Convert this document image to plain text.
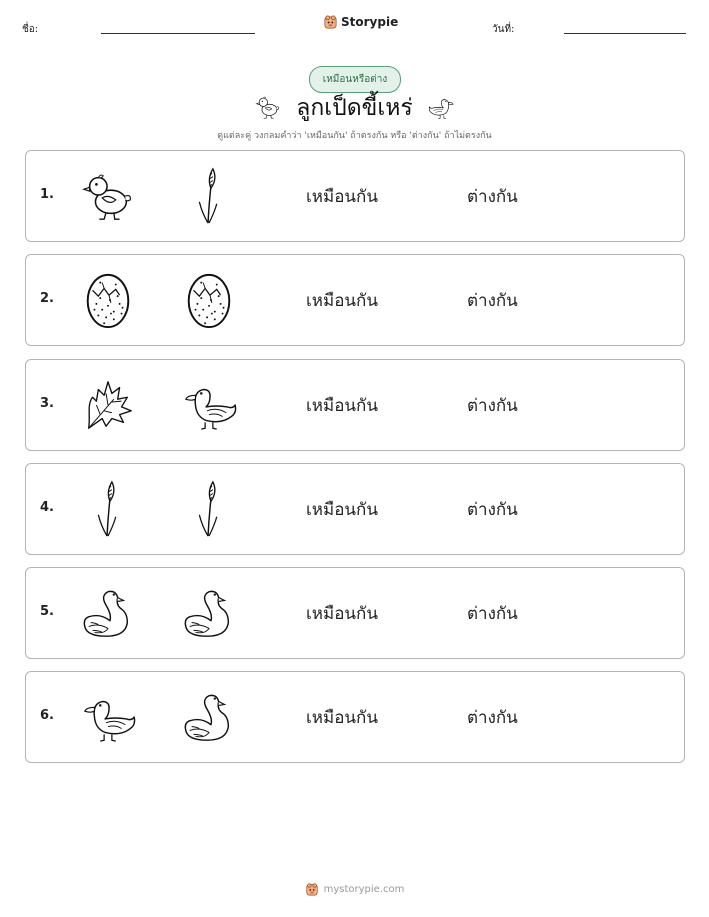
ชื่อ:
Storypie
วันที่:
เหมือนหรือต่าง
ลูกเป็ดขี้เหร่
ดูแต่ละคู่ วงกลมคำว่า 'เหมือนกัน' ถ้าตรงกัน หรือ 'ต่างกัน' ถ้าไม่ตรงกัน
1.	เหมือนกัน	ต่างกัน
2.	เหมือนกัน	ต่างกัน
3.	เหมือนกัน	ต่างกัน
4.	เหมือนกัน	ต่างกัน
5.	เหมือนกัน	ต่างกัน
6.	เหมือนกัน	ต่างกัน
mystorypie.com
